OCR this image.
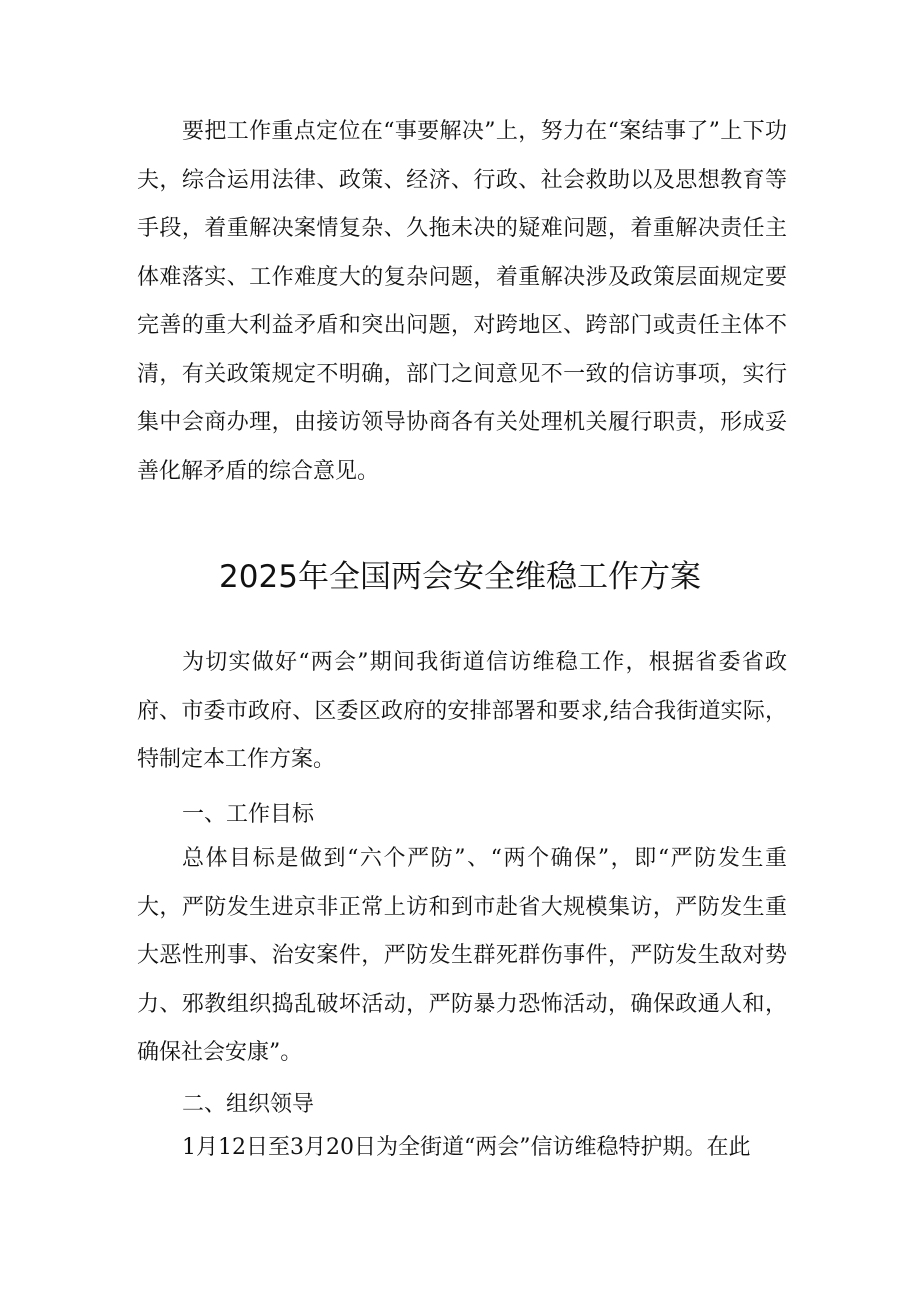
要把工作重点定位在“事要解决”上，努力在“案结事了”上下功夫，综合运用法律、政策、经济、行政、社会救助以及思想教育等手段，着重解决案情复杂、久拖未决的疑难问题，着重解决责任主体难落实、工作难度大的复杂问题，着重解决涉及政策层面规定要完善的重大利益矛盾和突出问题，对跨地区、跨部门或责任主体不清，有关政策规定不明确，部门之间意见不一致的信访事项，实行集中会商办理，由接访领导协商各有关处理机关履行职责，形成妥善化解矛盾的综合意见。

2025年全国两会安全维稳工作方案

为切实做好“两会”期间我街道信访维稳工作，根据省委省政府、市委市政府、区委区政府的安排部署和要求,结合我街道实际，特制定本工作方案。

一、工作目标

总体目标是做到“六个严防”、“两个确保”，即“严防发生重大，严防发生进京非正常上访和到市赴省大规模集访，严防发生重大恶性刑事、治安案件，严防发生群死群伤事件，严防发生敌对势力、邪教组织捣乱破坏活动，严防暴力恐怖活动，确保政通人和，确保社会安康”。

二、组织领导

1月12日至3月20日为全街道“两会”信访维稳特护期。在此
